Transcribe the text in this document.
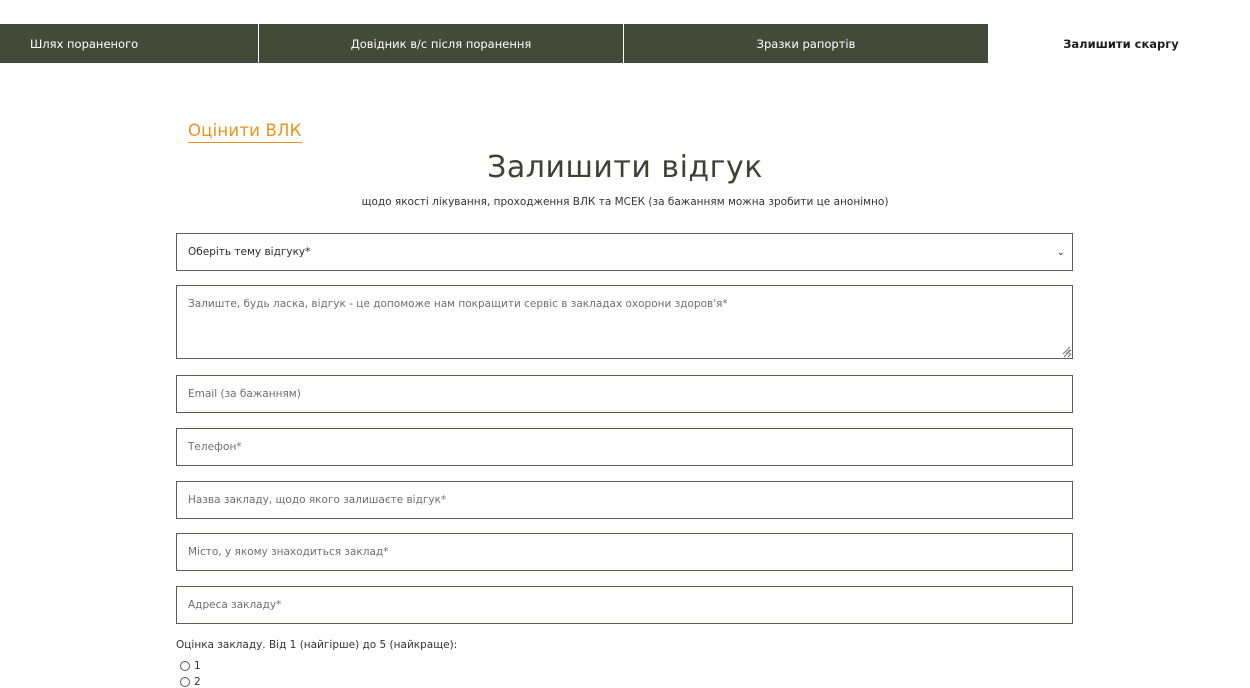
Шлях пораненого	Довідник в/с після поранення	Зразки рапортів	Залишити скаргу
Оцінити ВЛК
Залишити відгук

щодо якості лікування, проходження ВЛК та МСЕК (за бажанням можна зробити це анонімно)

Оберіть тему відгуку*	⌄
Залиште, будь ласка, відгук - це допоможе нам покращити сервіс в закладах охорони здоров'я*
Email (за бажанням)
Телефон*
Назва закладу, щодо якого залишаєте відгук*
Місто, у якому знаходиться заклад*
Адреса закладу*
Оцінка закладу. Від 1 (найгірше) до 5 (найкраще):
1
2
